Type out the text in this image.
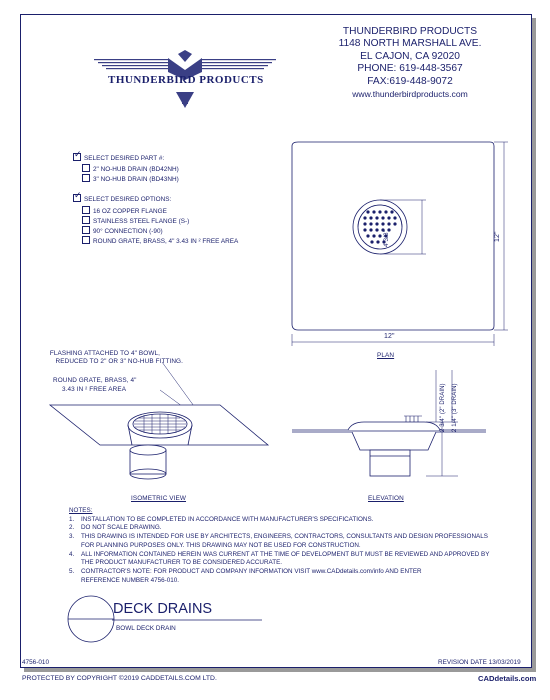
THUNDERBIRD PRODUCTS
THUNDERBIRD PRODUCTS
1148 NORTH MARSHALL AVE.
EL CAJON, CA 92020
PHONE: 619-448-3567
FAX:619-448-9072
www.thunderbirdproducts.com
✓SELECT DESIRED PART #:
2" NO-HUB DRAIN (BD42NH)
3" NO-HUB DRAIN (BD43NH)
✓SELECT DESIRED OPTIONS:
16 OZ COPPER FLANGE
STAINLESS STEEL FLANGE (S-)
90° CONNECTION (-90)
ROUND GRATE, BRASS, 4" 3.43 IN ² FREE AREA	4 3/8"	12"
12"
PLAN
FLASHING ATTACHED TO 4" BOWL,
REDUCED TO 2" OR 3" NO-HUB FITTING.
ROUND GRATE, BRASS, 4"
3.43 IN ² FREE AREA
ISOMETRIC VIEW
2 3/4" (2" DRAIN) 2 1/4" (3" DRAIN)
ELEVATION
NOTES:
1. INSTALLATION TO BE COMPLETED IN ACCORDANCE WITH MANUFACTURER'S SPECIFICATIONS.
2. DO NOT SCALE DRAWING.
3. THIS DRAWING IS INTENDED FOR USE BY ARCHITECTS, ENGINEERS, CONTRACTORS, CONSULTANTS AND DESIGN PROFESSIONALS
FOR PLANNING PURPOSES ONLY. THIS DRAWING MAY NOT BE USED FOR CONSTRUCTION.
4. ALL INFORMATION CONTAINED HEREIN WAS CURRENT AT THE TIME OF DEVELOPMENT BUT MUST BE REVIEWED AND APPROVED BY
THE PRODUCT MANUFACTURER TO BE CONSIDERED ACCURATE.
5. CONTRACTOR'S NOTE: FOR PRODUCT AND COMPANY INFORMATION VISIT www.CADdetails.com/info AND ENTER
REFERENCE NUMBER 4756-010.
DECK DRAINS
BOWL DECK DRAIN
4756-010	REVISION DATE 13/03/2019
PROTECTED BY COPYRIGHT ©2019 CADDETAILS.COM LTD.	CADdetails.com
